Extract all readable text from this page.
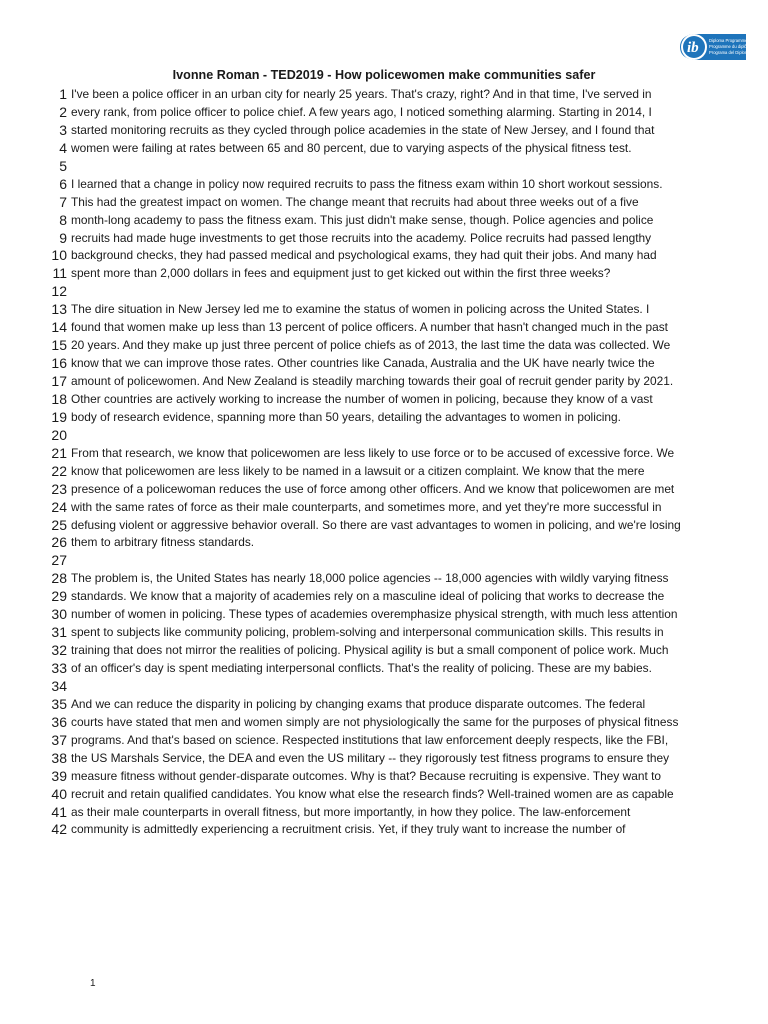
ib Diploma Programme
Programme du diplôme
Programa del Diploma
Ivonne Roman - TED2019 - How policewomen make communities safer
1 I've been a police officer in an urban city for nearly 25 years. That's crazy, right? And in that time, I've served in
2 every rank, from police officer to police chief. A few years ago, I noticed something alarming. Starting in 2014, I
3 started monitoring recruits as they cycled through police academies in the state of New Jersey, and I found that
4 women were failing at rates between 65 and 80 percent, due to varying aspects of the physical fitness test.
5
6 I learned that a change in policy now required recruits to pass the fitness exam within 10 short workout sessions.
7 This had the greatest impact on women. The change meant that recruits had about three weeks out of a five
8 month-long academy to pass the fitness exam. This just didn't make sense, though. Police agencies and police
9 recruits had made huge investments to get those recruits into the academy. Police recruits had passed lengthy
10 background checks, they had passed medical and psychological exams, they had quit their jobs. And many had
11 spent more than 2,000 dollars in fees and equipment just to get kicked out within the first three weeks?
12
13 The dire situation in New Jersey led me to examine the status of women in policing across the United States. I
14 found that women make up less than 13 percent of police officers. A number that hasn't changed much in the past
15 20 years. And they make up just three percent of police chiefs as of 2013, the last time the data was collected. We
16 know that we can improve those rates. Other countries like Canada, Australia and the UK have nearly twice the
17 amount of policewomen. And New Zealand is steadily marching towards their goal of recruit gender parity by 2021.
18 Other countries are actively working to increase the number of women in policing, because they know of a vast
19 body of research evidence, spanning more than 50 years, detailing the advantages to women in policing.
20
21 From that research, we know that policewomen are less likely to use force or to be accused of excessive force. We
22 know that policewomen are less likely to be named in a lawsuit or a citizen complaint. We know that the mere
23 presence of a policewoman reduces the use of force among other officers. And we know that policewomen are met
24 with the same rates of force as their male counterparts, and sometimes more, and yet they're more successful in
25 defusing violent or aggressive behavior overall. So there are vast advantages to women in policing, and we're losing
26 them to arbitrary fitness standards.
27
28 The problem is, the United States has nearly 18,000 police agencies -- 18,000 agencies with wildly varying fitness
29 standards. We know that a majority of academies rely on a masculine ideal of policing that works to decrease the
30 number of women in policing. These types of academies overemphasize physical strength, with much less attention
31 spent to subjects like community policing, problem-solving and interpersonal communication skills. This results in
32 training that does not mirror the realities of policing. Physical agility is but a small component of police work. Much
33 of an officer's day is spent mediating interpersonal conflicts. That's the reality of policing. These are my babies.
34
35 And we can reduce the disparity in policing by changing exams that produce disparate outcomes. The federal
36 courts have stated that men and women simply are not physiologically the same for the purposes of physical fitness
37 programs. And that's based on science. Respected institutions that law enforcement deeply respects, like the FBI,
38 the US Marshals Service, the DEA and even the US military -- they rigorously test fitness programs to ensure they
39 measure fitness without gender-disparate outcomes. Why is that? Because recruiting is expensive. They want to
40 recruit and retain qualified candidates. You know what else the research finds? Well-trained women are as capable
41 as their male counterparts in overall fitness, but more importantly, in how they police. The law-enforcement
42 community is admittedly experiencing a recruitment crisis. Yet, if they truly want to increase the number of
1
